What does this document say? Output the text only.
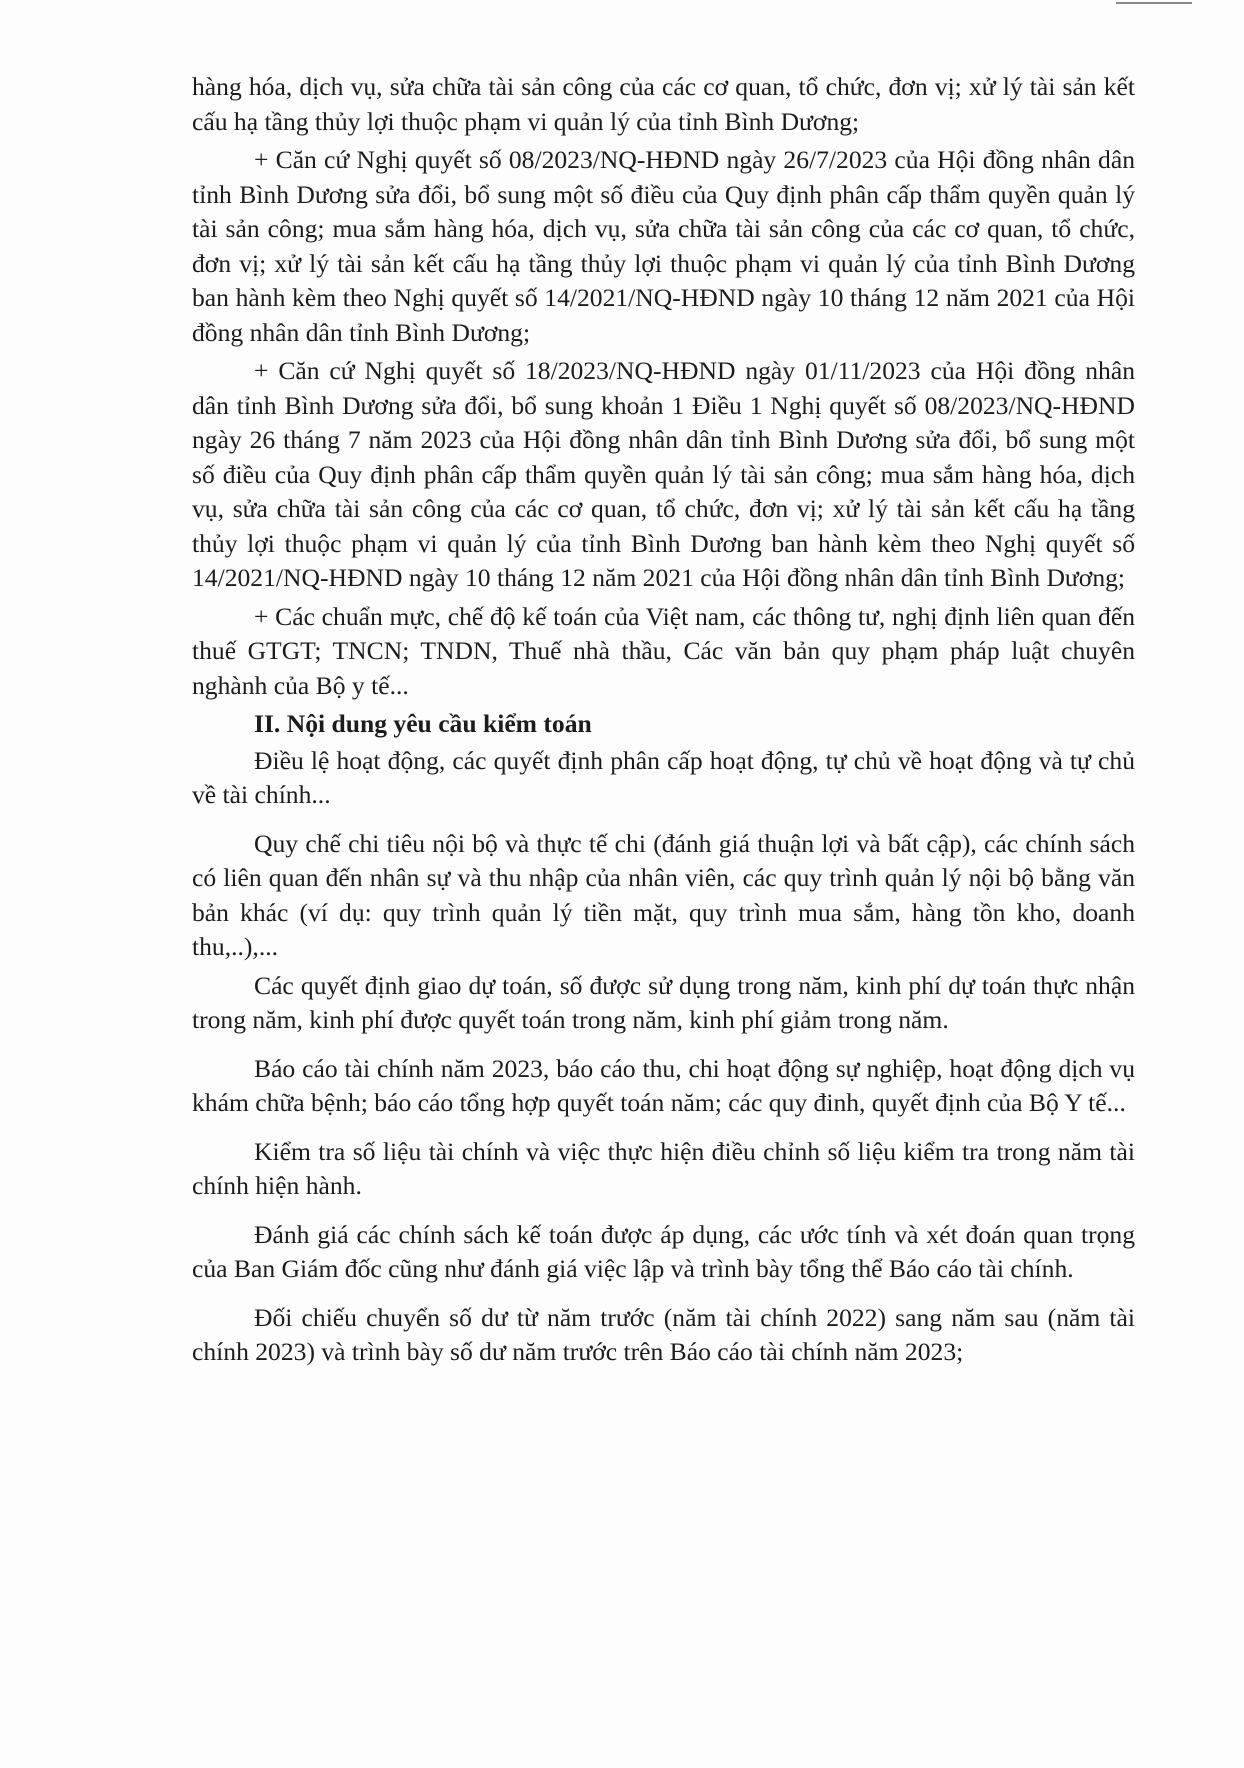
hàng hóa, dịch vụ, sửa chữa tài sản công của các cơ quan, tổ chức, đơn vị; xử lý tài sản kết cấu hạ tầng thủy lợi thuộc phạm vi quản lý của tỉnh Bình Dương;

+ Căn cứ Nghị quyết số 08/2023/NQ-HĐND ngày 26/7/2023 của Hội đồng nhân dân tỉnh Bình Dương sửa đổi, bổ sung một số điều của Quy định phân cấp thẩm quyền quản lý tài sản công; mua sắm hàng hóa, dịch vụ, sửa chữa tài sản công của các cơ quan, tổ chức, đơn vị; xử lý tài sản kết cấu hạ tầng thủy lợi thuộc phạm vi quản lý của tỉnh Bình Dương ban hành kèm theo Nghị quyết số 14/2021/NQ-HĐND ngày 10 tháng 12 năm 2021 của Hội đồng nhân dân tỉnh Bình Dương;

+ Căn cứ Nghị quyết số 18/2023/NQ-HĐND ngày 01/11/2023 của Hội đồng nhân dân tỉnh Bình Dương sửa đổi, bổ sung khoản 1 Điều 1 Nghị quyết số 08/2023/NQ-HĐND ngày 26 tháng 7 năm 2023 của Hội đồng nhân dân tỉnh Bình Dương sửa đổi, bổ sung một số điều của Quy định phân cấp thẩm quyền quản lý tài sản công; mua sắm hàng hóa, dịch vụ, sửa chữa tài sản công của các cơ quan, tổ chức, đơn vị; xử lý tài sản kết cấu hạ tầng thủy lợi thuộc phạm vi quản lý của tỉnh Bình Dương ban hành kèm theo Nghị quyết số 14/2021/NQ-HĐND ngày 10 tháng 12 năm 2021 của Hội đồng nhân dân tỉnh Bình Dương;

+ Các chuẩn mực, chế độ kế toán của Việt nam, các thông tư, nghị định liên quan đến thuế GTGT; TNCN; TNDN, Thuế nhà thầu, Các văn bản quy phạm pháp luật chuyên nghành của Bộ y tế...

II. Nội dung yêu cầu kiểm toán

Điều lệ hoạt động, các quyết định phân cấp hoạt động, tự chủ về hoạt động và tự chủ về tài chính...

Quy chế chi tiêu nội bộ và thực tế chi (đánh giá thuận lợi và bất cập), các chính sách có liên quan đến nhân sự và thu nhập của nhân viên, các quy trình quản lý nội bộ bằng văn bản khác (ví dụ: quy trình quản lý tiền mặt, quy trình mua sắm, hàng tồn kho, doanh thu,..),...

Các quyết định giao dự toán, số được sử dụng trong năm, kinh phí dự toán thực nhận trong năm, kinh phí được quyết toán trong năm, kinh phí giảm trong năm.

Báo cáo tài chính năm 2023, báo cáo thu, chi hoạt động sự nghiệp, hoạt động dịch vụ khám chữa bệnh; báo cáo tổng hợp quyết toán năm; các quy đinh, quyết định của Bộ Y tế...

Kiểm tra số liệu tài chính và việc thực hiện điều chỉnh số liệu kiểm tra trong năm tài chính hiện hành.

Đánh giá các chính sách kế toán được áp dụng, các ước tính và xét đoán quan trọng của Ban Giám đốc cũng như đánh giá việc lập và trình bày tổng thể Báo cáo tài chính.

Đối chiếu chuyển số dư từ năm trước (năm tài chính 2022) sang năm sau (năm tài chính 2023) và trình bày số dư năm trước trên Báo cáo tài chính năm 2023;
